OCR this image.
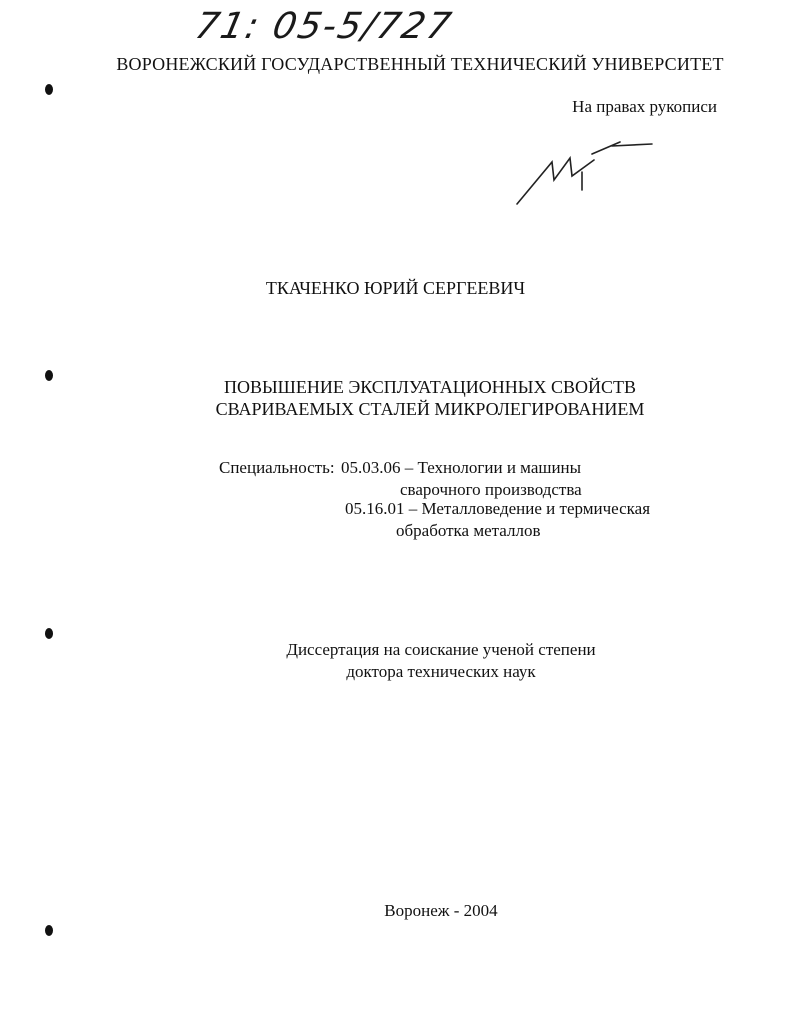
71: 05-5/727
ВОРОНЕЖСКИЙ ГОСУДАРСТВЕННЫЙ ТЕХНИЧЕСКИЙ УНИВЕРСИТЕТ
На правах рукописи
ТКАЧЕНКО ЮРИЙ СЕРГЕЕВИЧ
ПОВЫШЕНИЕ ЭКСПЛУАТАЦИОННЫХ СВОЙСТВ
СВАРИВАЕМЫХ СТАЛЕЙ МИКРОЛЕГИРОВАНИЕМ
Специальность: 05.03.06 – Технологии и машины
сварочного производства
05.16.01 – Металловедение и термическая
обработка металлов
Диссертация на соискание ученой степени
доктора технических наук
Воронеж - 2004
